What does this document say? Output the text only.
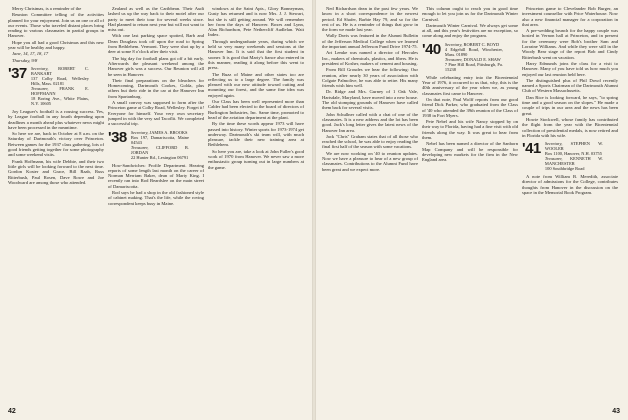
Merry Christmas, is a reminder of the

Reunion Committee telling of the activities planned for your enjoyment. Join us on one or all of our events. Those who traveled distant places bring reading to various classmates in partial groups in Hanover.

Hope you all had a good Christmas and this new year will be healthy and happy.

Jane, 14, 17, 18, 17

Thursday, 9/8

'37 Secretary, ROBERT C. BANKART
137 Colby Road, Wellesley Hills, Mass. 02181
Treasurer, FRANK E. HOFFMANN
18 Boring Ave., White Plains, N.Y. 10605

Joy Leaguer's football is a rousing success. Yes, by League football in any fourth depending upon deadlines a month ahead plus whatever news might have been processed in the meantime.

So here we are, back in October at 8 a.m. on the Saturday of Dartmouth's victory over Princeton. Between games for the 1937 class gathering, lots of good friends getting together for some photography and some weekend visits.

Frank Hoffmann, his wife Debbie, and their two little girls will be looking forward to the next time. Gordon Koster and Grace, Bill Raab, Russ Ritterbush, Paul Rosen, Dave Rowe and Joe Woodward are among those who attended.

Zealand as well as the Caribbean. Their Audi lashed us up the way back to their motel after our party to meet their tour for several weeks since. Had planned to return next year but will not want to miss out.

With one last parking space spotted, Barb and Dean Douglass took off upon the road to Spring from Bethlehem. Vermont. They were shot up by a deer at some 8 o'clock after their visit.

The big day for football plans got off a bit early. Afterwards the pleasant weekend among the Hanover girls was a success. Our Reunion will all be seen in Hanover.

Their final preparations on the bleachers for Homecoming, Dartmouth Cookes, Golda, plus others but their ride in the car at the Hanover Inn from Spartanburg.

A small convoy was supposed to form after the Princeton game at Colby Road, Wellesley. Forget it! Everyone for himself. Your very own secretary jumped in with the very sad Tacoflit. We completed a successful trip.

'38 Secretary, JAMES A. BROOKS
Box 197, Damariscotta, Maine 04543
Treasurer, CLIFFORD B. JORDAN
22 Hunter Rd., Lexington 06791

How-Sandwiches: Profile Department. Hearing reports of some length last month on the career of Norman Merriam Baker, dean of Marty King. I recently ran into Rod Beardslee on the main street of Damariscotta.

Rod says he had a shop in the old fashioned style of cabinet making. That's the life, while the roving correspondent keeps busy in Maine.

windows at the Saint Apts., Glory Bonneyman, Gusty has returned and is now Mrs. J. J. Stewart, but she is still getting around. We will remember her from the days of Hanover. Boxes and Lynn, Alan Richardson, Pete Nethercliff Audlelan. Wait Index.

Through undergraduate years, during which we held so very many weekends and sessions at the Hanover Inn. It is said that the first student in sooner. It is good that Marty's fiance also entered in this manner, reading it along before this went to press.

The Buzz of Maine and other states too are reflecting us to a large degree. The family was pleased with our new attitude toward cutting and mounting our forest, and the same fine idea was enjoyed again.

Our Class has been well represented more than Calder had been elected to the board of directors of Burlington Industries, Inc. Same time, promoted to head of the aviation department at the plant.

By the time these words appear 1973 will have passed into history. Winter sports for 1973-1974 get underway. Dartmouth's ski team will, with much pleasure, tackle their new training area at Bethlehem.

So here you are, take a look at John Fuller's good work of 1970 from Hanover. We never saw a more enthusiastic group turning out in large numbers at the game.

42

Ned Richardson dean in the past few years. We know in a short correspondence in the newest period. Ed Shafer, Barbie Hay 79, and so for the rest of us. He is a reminder of things that grow in the form we made last year.

Wally Davis was featured in the Alumni Bulletin of the Jefferson Medical College when we learned the important annual Jefferson Fund Drive 1974-75.

Art Lemke was named a director of Hercules Inc., makers of chemicals, plastics, and fibers. He is president of Kosher, makers of cement and housing.

From Bill Groudes we hear the following: Our reunion, after nearly 30 years of association with Colgate Palmolive, he was able to retire. His many friends wish him well.

Dr. Ridge and Mrs. Gurney of 1 Oak Vale, Hartsdale, Maryland, have moved into a new house. The old stomping grounds of Hanover have called them back for several visits.

John Schullner called with a chat of one of the classmates. It is a new address and the lot has been good. Jack's long letter gives the latest news of the Hanover Inn area.

Jack "Chris" Graham states that of all those who reached the school, he was able to enjoy reading the final first half of the season with some vacations.

We are now working on '40 to reunion updates. Now we have a pleasure to hear of a new group of classmates. Contributions to the Alumni Fund have been great and we expect more.

This column ought to reach you in good time enough to let you join us for the Dartmouth Winter Carnival.

Dartmouth Winter Carnival. We always get some at all, and this year's festivities are no exception, so come along and enjoy the program.

'40 Secretary, ROBERT C. BOYD
4 Edgehill Road, Winchester, Mass. 01890
Treasurer, DONALD E. SHAW
7 Pine Hill Road, Pittsburgh, Pa. 15238

While celebrating entry into the Bicentennial Year of 1976, it occurred to us that, why, this is the 40th anniversary of the year when we, as young classmates first came to Hanover.

On that note, Paul Wolff reports from our good friend Dick Parker, who graduated from the Class of '40 who attended the 39th reunion of the Class of 1938 in Fort Myers.

Pete Nebel and his wife Nancy stopped by on their way to Florida, having had a fine visit with old friends along the way. It was great to hear from them.

Nebel has been named a director of the Sanborn Map Company and will be responsible for developing new markets for the firm in the New England area.

Princeton game to Clevelander Bob Burger, an investment counsellor with Price Waterhouse. Now also a new financial manager for a corporation in that area.

A pre-wedding brunch for the happy couple was hosted in Vernon hall at Princeton, and in present for the ceremony were Bob's brother Sam and Lorraine Williams. And while they were still in the Woody Bear stage of the report Bob and Cindy Ritterbush went on vacation.

Harry Edmunds joins the class for a visit to Hanover. Many of you have told us how much you enjoyed our last reunion held here.

The distinguished plus of Phil Dowd recently named a Sports Chairman of the Dartmouth Alumni Club of Western Massachusetts.

Dan Rice is looking forward, he says, "to spring time and a good season on the slopes." He made a couple of trips in our area and the news has been great.

Howie Stockwell, whose family has contributed the flight from the year with the Bicentennial collection of presidential medals, is now retired and in Florida with his wife.

'41 Secretary, STEPHEN W. WOOLER
Box 1100, Hanover, N.H. 03755
Treasurer, KENNETH W. MANCHESTER
100 Southbridge Road

A note from William B. Meredith, associate director of admissions for the College, contributes thoughts from Hanover in the discussion on the space in the Memorial Book Program.

43
